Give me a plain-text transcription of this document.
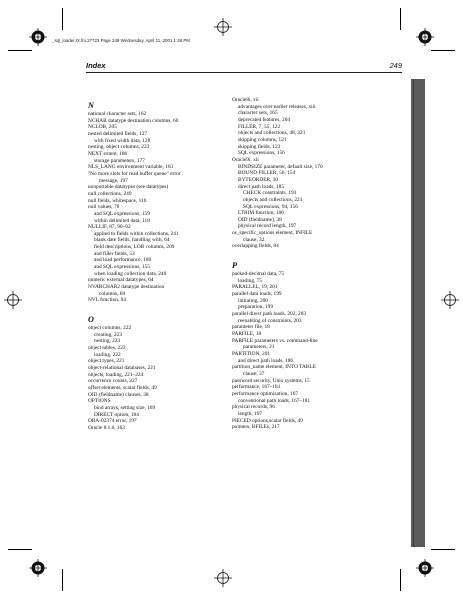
_sql_loader.IX.fm.27723 Page 249 Wednesday, April 11, 2001 1:48 PM
Index	249
N
national character sets, 162
NCHAR datatype destination columns, 60
NCLOB, 205
nested delimited fields, 127
with fixed width data, 128
nesting, object columns, 223
NEXT extent, 186
storage parameters, 177
NLS_LANG environment variable, 163
"No more slots for read buffer queue" error
message, 197
nonportable datatypes (see datatypes)
null collections, 249
null fields, whitespace, 116
null values, 78
and SQL expressions, 159
within delimited data, 118
NULLIF, 87, 90–92
applied to fields within collections, 241
blank date fields, handling with, 64
field descriptions, LOB columns, 209
and filler fields, 53
and load performance, 180
and SQL expressions, 155
when loading collection data, 240
numeric external datatypes, 64
NVARCHAR2 datatype destination
columns, 60
NVL function, 94
O
object columns, 222
creating, 223
nesting, 223
object tables, 222
loading, 222
object types, 221
object-relational databases, 221
objects, loading, 221–224
occurrence counts, 227
offset elements, scalar fields, 49
OID (fieldname) clauses, 38
OPTIONS
bind arrays, setting size, 169
DIRECT option, 184
ORA-02374 error, 197
Oracle 8.1.6, 163
Oracle8i, xii
advantages over earlier releases, xiii
character sets, 165
deprecated features, 204
FILLER, 7, 55, 122
objects and collections, 48, 221
skipping columns, 121
skipping fields, 123
SQL expressions, 156
Oracle9i, xii
BINDSIZE parameter, default size, 170
BOUND FILLER, 56, 154
BYTEORDER, 30
direct path loads, 185
CHECK constraints, 193
objects and collections, 221
SQL expressions, 94, 156
LTRIM function, 106
OID (fieldname), 38
physical record length, 197
os_specific_options element, INFILE
clause, 32
overlapping fields, 84
P
packed-decimal data, 75
loading, 75
PARALLEL, 19, 201
parallel data loads, 199
initiating, 200
preparation, 199
parallel direct path loads, 202, 203
reenabling of constraints, 203
parameter file, 18
PARFILE, 18
PARFILE parameters vs. command-line
parameters, 21
PARTITION, 201
and direct path loads, 186
partition_name element, INTO TABLE
clause, 37
password security, Unix systems, 15
performance, 167–181
performance optimization, 167
conventional path loads, 167–181
physical records, 96
length, 197
PIECED options,scalar fields, 49
pointers, BFILEs, 217
